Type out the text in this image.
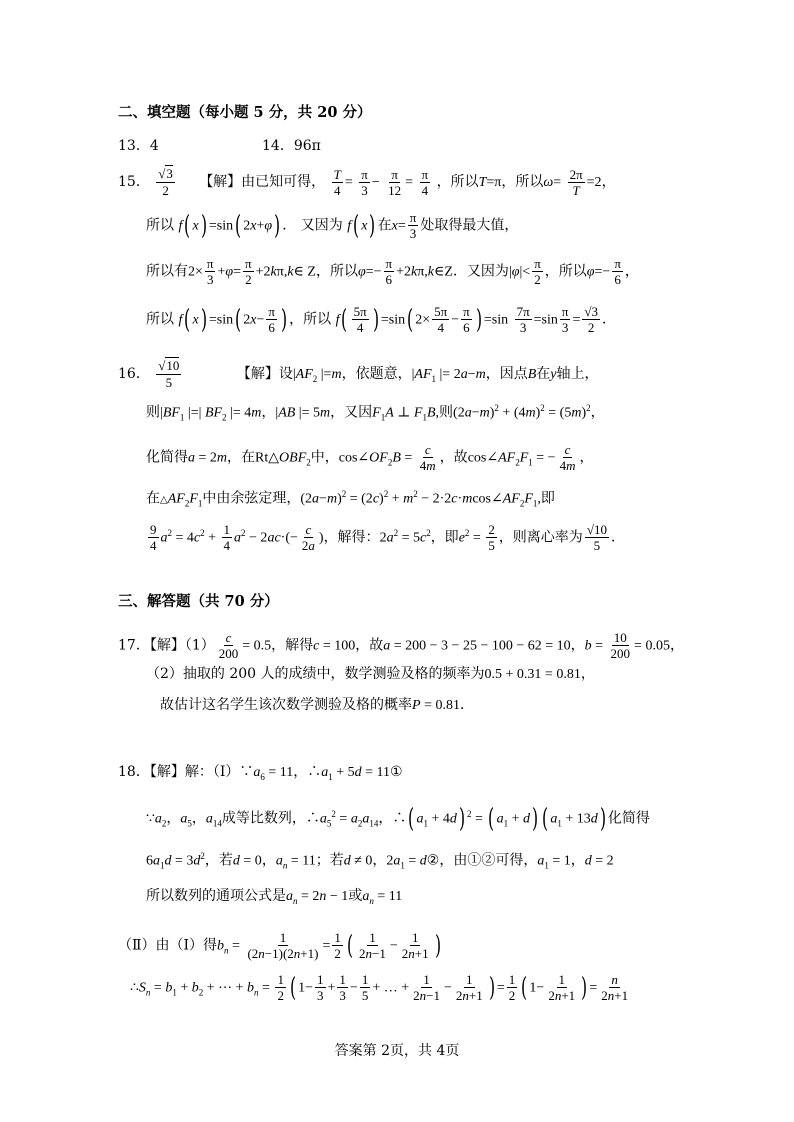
二、填空题（每小题 5 分，共 20 分）
13．4	14．96π
15． $\frac{√3}{2}$ 【解】由已知可得， $\frac{T}{4} = \frac{\pi}{3} - \frac{\pi}{12} = \frac{\pi}{4}$ ，所以T=π，所以$\omega= \frac{2\pi}{T} =2$，
所以 f( x) =sin( 2x+φ) ． 又因为 f( x) 在$x= \frac{\pi}{3}$ 处取得最大值，
所以有$2\times \frac{\pi}{3} +\varphi= \frac{\pi}{2}$ +2kπ,k∈ Z，所以$\varphi=- \frac{\pi}{6}$ +2kπ,k∈Z．又因为$|\varphi|< \frac{\pi}{2}$ ，所以$\varphi=- \frac{\pi}{6}$ ，
所以 f( x) =sin( $2x- \frac{\pi}{6}$ ) ，所以 $f( \frac{5\pi}{4}$ ) =sin( $2\times \frac{5\pi}{4} - \frac{\pi}{6}$ ) $=\sin \frac{7\pi}{3} =\sin \frac{\pi}{3} = \frac{√3}{2}$ ．
16． $\frac{√10}{5}$	【解】设$|AF_2$ |=m，依题意，$|AF_1$ |= 2a−m，因点B在y轴上，
则$|BF_1$ |=| $BF_2$ |= 4m，|AB |= 5m，又因$F_1A$ ⊥ $F_1B$,则$(2a-m)^2 + (4m)^2 = (5m)^2$，
化简得a = 2m，在$Rt\triangle OBF_2$中，$\cos\angle OF_2B = \frac{c}{4m}$ ，故$\cos\angle AF_2F_1$ = − $\frac{c}{4m}$ ，
在$\triangle AF_2F_1$中由余弦定理，$(2a-m)^2 = (2c)^2 + m^2$ − $2\cdot 2c\cdot mcos\angle AF_2F_1$,即
$\frac{9}{4} a^2 = 4c^2 + \frac{1}{4} a^2 - 2ac\cdot(- \frac{c}{2a}$ )，解得：$2a^2 = 5c^2$，即$e^2 = \frac{2}{5}$ ，则离心率为 $\frac{√10}{5}$ ．
三、解答题（共 70 分）
17．【解】$(1) \frac{c}{200} = 0.5$，解得c = 100，故a = 200 − 3 − 25 − 100 − 62 = 10，$b = \frac{10}{200} = 0.05$，
（2）抽取的 200 人的成绩中，数学测验及格的频率为0.5 + 0.31 = 0.81，
故估计这名学生该次数学测验及格的概率P = 0.81．
18．【解】解：$(Ⅰ)\because a_6 = 11$，$\therefore a_1 + 5d$ = 11①
$\because a_2$，$a_5$，$a_{14}$成等比数列，$\therefore a_5^2 = a_2a_{14}$，∴( $a_1 + 4d$) $^2$ = ( $a_1 + d$) ( $a_1 + 13d$) 化简得
$6a_1d = 3d^2$，若d = 0，$a_n = 11$；若d ≠ 0，$2a_1$ = d②，由①②可得，$a_1 = 1$，d = 2
所以数列的通项公式是$a_n = 2n - 1$或$a_n = 11$
（Ⅱ）由（Ⅰ）得$b_n = \frac{1}{(2n-1)(2n+1)} = \frac{1}{2}$ ( $\frac{1}{2n-1} - \frac{1}{2n+1}$ )
$\therefore S_n = b_1 + b_2$ + ⋯ + $b_n = \frac{1}{2}$ ( $1- \frac{1}{3} + \frac{1}{3} - \frac{1}{5}$ + … + $\frac{1}{2n-1} - \frac{1}{2n+1}$ ) = $\frac{1}{2}$ ( $1- \frac{1}{2n+1}$ ) = $\frac{n}{2n+1}$
答案第 2页，共 4页
